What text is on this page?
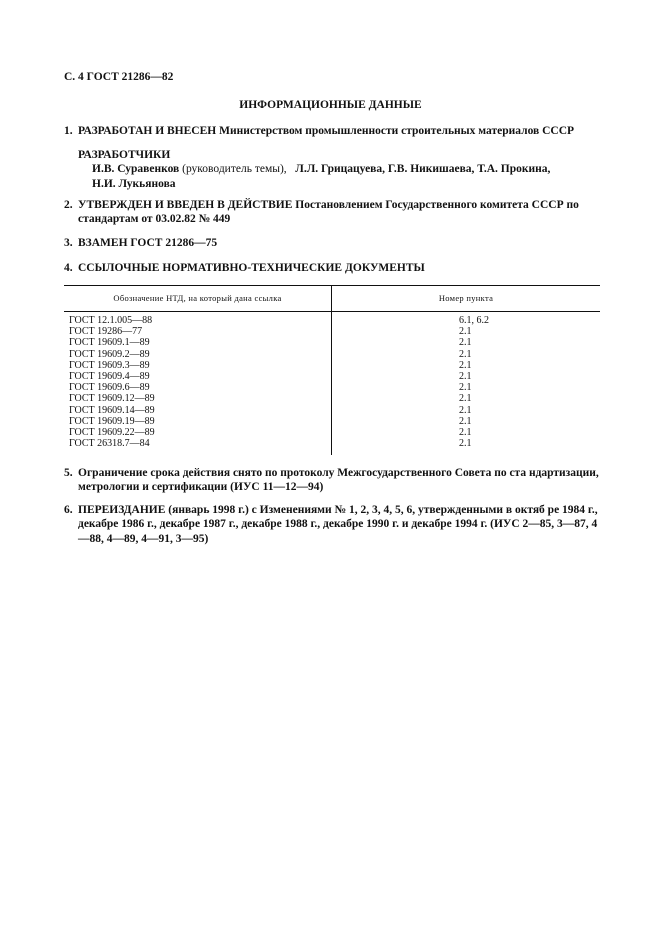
С. 4 ГОСТ 21286—82
ИНФОРМАЦИОННЫЕ ДАННЫЕ
1. РАЗРАБОТАН И ВНЕСЕН Министерством промышленности строительных материалов СССР
РАЗРАБОТЧИКИ
И.В. Суравенков (руководитель темы), Л.Л. Грицацуева, Г.В. Никишаева, Т.А. Прокина,
Н.И. Лукьянова
2. УТВЕРЖДЕН И ВВЕДЕН В ДЕЙСТВИЕ Постановлением Государственного комитета СССР по стандартам от 03.02.82 № 449
3. ВЗАМЕН ГОСТ 21286—75
4. ССЫЛОЧНЫЕ НОРМАТИВНО-ТЕХНИЧЕСКИЕ ДОКУМЕНТЫ
Обозначение НТД, на который дана ссылка	Номер пункта
ГОСТ 12.1.005—88	6.1, 6.2
ГОСТ 19286—77	2.1
ГОСТ 19609.1—89	2.1
ГОСТ 19609.2—89	2.1
ГОСТ 19609.3—89	2.1
ГОСТ 19609.4—89	2.1
ГОСТ 19609.6—89	2.1
ГОСТ 19609.12—89	2.1
ГОСТ 19609.14—89	2.1
ГОСТ 19609.19—89	2.1
ГОСТ 19609.22—89	2.1
ГОСТ 26318.7—84	2.1
5. Ограничение срока действия снято по протоколу Межгосударственного Совета по ста ндартизации, метрологии и сертификации (ИУС 11—12—94)
6. ПЕРЕИЗДАНИЕ (январь 1998 г.) с Изменениями № 1, 2, 3, 4, 5, 6, утвержденными в октяб ре 1984 г., декабре 1986 г., декабре 1987 г., декабре 1988 г., декабре 1990 г. и декабре 1994 г. (ИУС 2—85, 3—87, 4—88, 4—89, 4—91, 3—95)
